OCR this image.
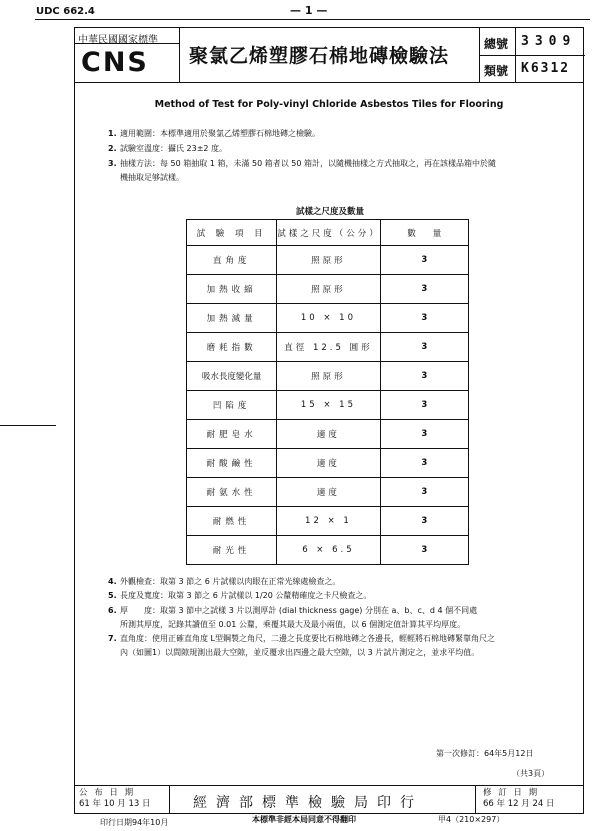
UDC 662.4	— 1 —
中華民國國家標準
CNS 聚氯乙烯塑膠石棉地磚檢驗法
總號 3309
類號 K6312
Method of Test for Poly-vinyl Chloride Asbestos Tiles for Flooring
1. 適用範圍：本標準適用於聚氯乙烯塑膠石棉地磚之檢驗。
2. 試驗室溫度：攝氏 23±2 度。
3. 抽樣方法：每 50 箱抽取 1 箱，未滿 50 箱者以 50 箱計，以隨機抽樣之方式抽取之，再在該樣品箱中於隨
機抽取足够試樣。
試樣之尺度及數量
試 驗 項 目	試樣之尺度（公分）	數　　量
直角度	照原形	3
加熱收縮	照原形	3
加熱減量	10 × 10	3
磨耗指數	直徑 12.5 圓形	3
吸水長度變化量	照原形	3
凹陷度	15 × 15	3
耐肥皂水	適度	3
耐酸鹼性	適度	3
耐氨水性	適度	3
耐燃性	12 × 1	3
耐光性	6 × 6.5	3
4. 外觀檢查：取第 3 節之 6 片試樣以肉眼在正常光線處檢查之。
5. 長度及寬度：取第 3 節之 6 片試樣以 1/20 公釐精確度之卡尺檢查之。
6. 厚　　度：取第 3 節中之試樣 3 片以測厚計 (dial thickness gage) 分別在 a、b、c、d 4 個不同處
所測其厚度，記錄其讀值至 0.01 公釐，乘覆其最大及最小兩值，以 6 個測定值計算其平均厚度。
7. 直角度：使用正確直角度 L型鋼製之角尺，二邊之長度要比石棉地磚之各邊長，輕輕將石棉地磚緊靠角尺之
內（如圖1）以間隙規測出最大空隙，並反覆求出四邊之最大空隙，以 3 片試片測定之，並求平均值。
第一次修訂：64年5月12日
（共3頁）
公 布 日 期
61 年 10 月 13 日	經濟部標準檢驗局印行
修 訂 日 期
66 年 12 月 24 日
印行日期94年10月	本標準非經本局同意不得翻印	甲4（210×297）
